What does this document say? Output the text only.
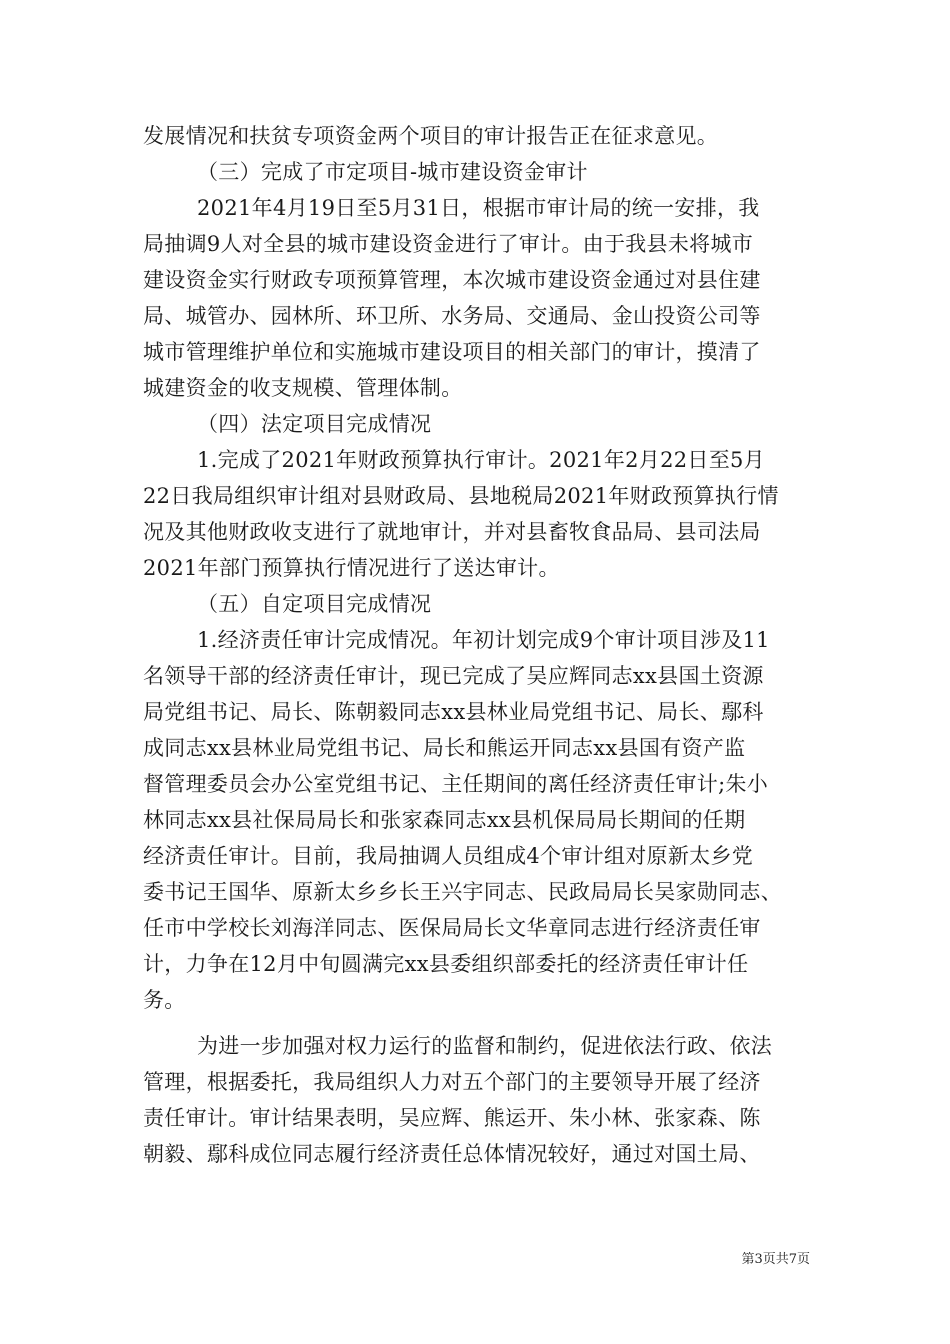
发展情况和扶贫专项资金两个项目的审计报告正在征求意见。
（三）完成了市定项目-城市建设资金审计
2021年4月19日至5月31日，根据市审计局的统一安排，我
局抽调9人对全县的城市建设资金进行了审计。由于我县未将城市
建设资金实行财政专项预算管理，本次城市建设资金通过对县住建
局、城管办、园林所、环卫所、水务局、交通局、金山投资公司等
城市管理维护单位和实施城市建设项目的相关部门的审计，摸清了
城建资金的收支规模、管理体制。
（四）法定项目完成情况
1.完成了2021年财政预算执行审计。2021年2月22日至5月
22日我局组织审计组对县财政局、县地税局2021年财政预算执行情
况及其他财政收支进行了就地审计，并对县畜牧食品局、县司法局
2021年部门预算执行情况进行了送达审计。
（五）自定项目完成情况
1.经济责任审计完成情况。年初计划完成9个审计项目涉及11
名领导干部的经济责任审计，现已完成了吴应辉同志xx县国土资源
局党组书记、局长、陈朝毅同志xx县林业局党组书记、局长、鄢科
成同志xx县林业局党组书记、局长和熊运开同志xx县国有资产监
督管理委员会办公室党组书记、主任期间的离任经济责任审计;朱小
林同志xx县社保局局长和张家森同志xx县机保局局长期间的任期
经济责任审计。目前，我局抽调人员组成4个审计组对原新太乡党
委书记王国华、原新太乡乡长王兴宇同志、民政局局长吴家勋同志、
任市中学校长刘海洋同志、医保局局长文华章同志进行经济责任审
计，力争在12月中旬圆满完xx县委组织部委托的经济责任审计任
务。
为进一步加强对权力运行的监督和制约，促进依法行政、依法
管理，根据委托，我局组织人力对五个部门的主要领导开展了经济
责任审计。审计结果表明，吴应辉、熊运开、朱小林、张家森、陈
朝毅、鄢科成位同志履行经济责任总体情况较好，通过对国土局、
第3页共7页
